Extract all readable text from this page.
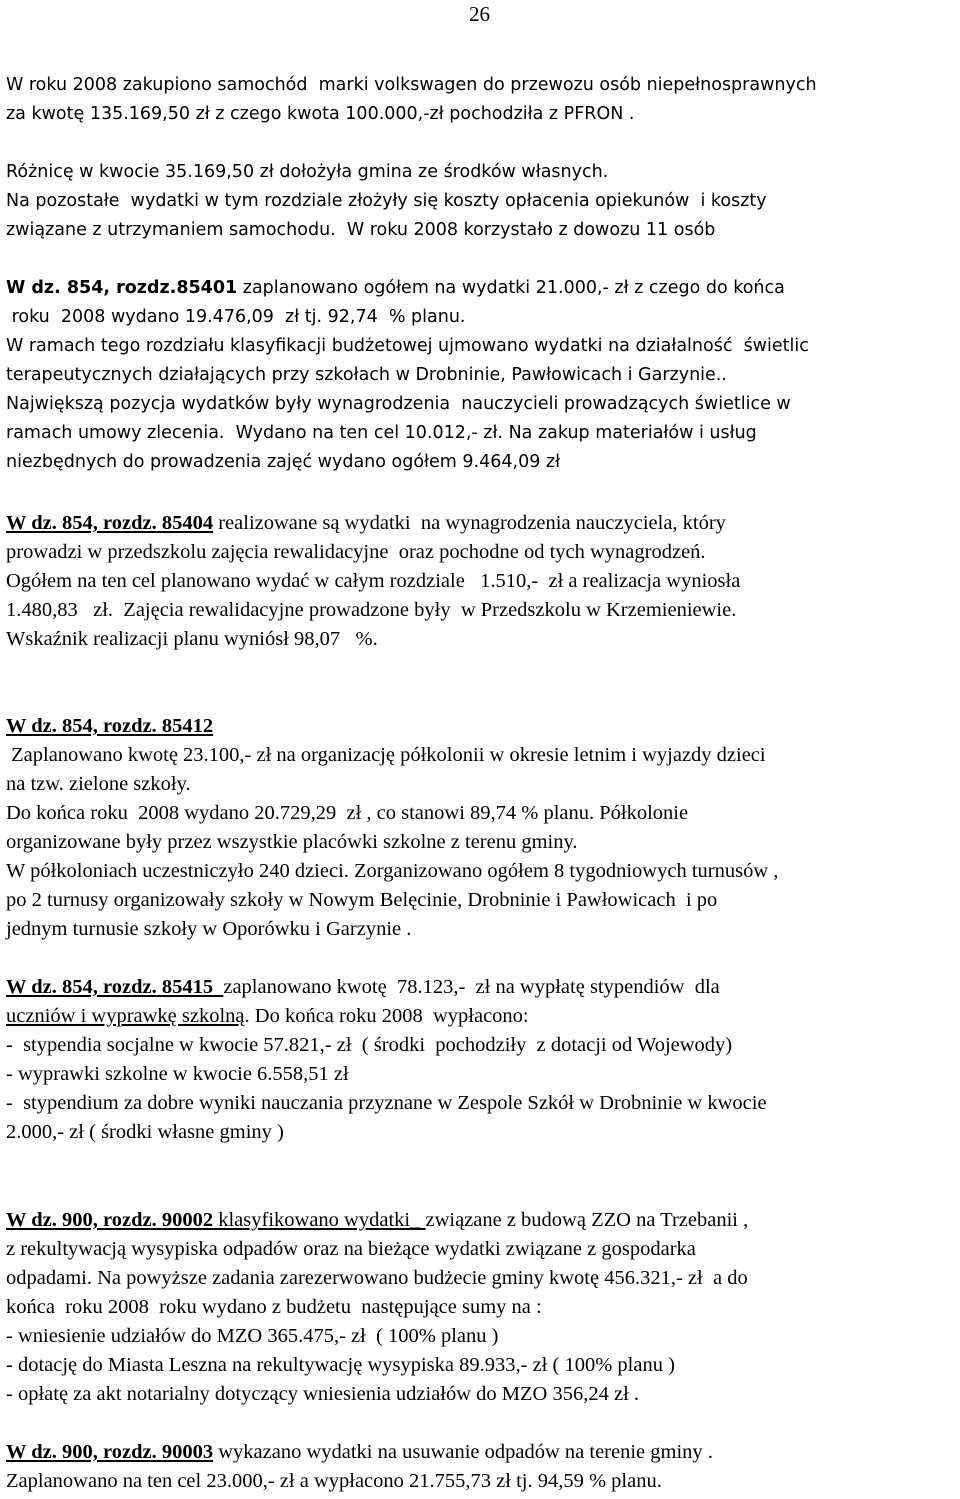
26
W roku 2008 zakupiono samochód  marki volkswagen do przewozu osób niepełnosprawnych
za kwotę 135.169,50 zł z czego kwota 100.000,-zł pochodziła z PFRON .
Różnicę w kwocie 35.169,50 zł dołożyła gmina ze środków własnych.
Na pozostałe  wydatki w tym rozdziale złożyły się koszty opłacenia opiekunów  i koszty
związane z utrzymaniem samochodu.  W roku 2008 korzystało z dowozu 11 osób
W dz. 854, rozdz.85401 zaplanowano ogółem na wydatki 21.000,- zł z czego do końca
roku  2008 wydano 19.476,09  zł tj. 92,74  % planu.
W ramach tego rozdziału klasyfikacji budżetowej ujmowano wydatki na działalność  świetlic
terapeutycznych działających przy szkołach w Drobninie, Pawłowicach i Garzynie..
Największą pozycja wydatków były wynagrodzenia  nauczycieli prowadzących świetlice w
ramach umowy zlecenia.  Wydano na ten cel 10.012,- zł. Na zakup materiałów i usług
niezbędnych do prowadzenia zajęć wydano ogółem 9.464,09 zł
W dz. 854, rozdz. 85404 realizowane są wydatki  na wynagrodzenia nauczyciela, który
prowadzi w przedszkolu zajęcia rewalidacyjne  oraz pochodne od tych wynagrodzeń.
Ogółem na ten cel planowano wydać w całym rozdziale   1.510,-  zł a realizacja wyniosła
1.480,83   zł.  Zajęcia rewalidacyjne prowadzone były  w Przedszkolu w Krzemieniewie.
Wskaźnik realizacji planu wyniósł 98,07   %.
W dz. 854, rozdz. 85412
Zaplanowano kwotę 23.100,- zł na organizację półkolonii w okresie letnim i wyjazdy dzieci
na tzw. zielone szkoły.
Do końca roku  2008 wydano 20.729,29  zł , co stanowi 89,74 % planu. Półkolonie
organizowane były przez wszystkie placówki szkolne z terenu gminy.
W półkoloniach uczestniczyło 240 dzieci. Zorganizowano ogółem 8 tygodniowych turnusów ,
po 2 turnusy organizowały szkoły w Nowym Belęcinie, Drobninie i Pawłowicach  i po
jednym turnusie szkoły w Oporówku i Garzynie .
W dz. 854, rozdz. 85415 zaplanowano kwotę  78.123,-  zł na wypłatę stypendiów  dla
uczniów i wyprawkę szkolną. Do końca roku 2008  wypłacono:
-  stypendia socjalne w kwocie 57.821,- zł  ( środki  pochodziły  z dotacji od Wojewody)
- wyprawki szkolne w kwocie 6.558,51 zł
-  stypendium za dobre wyniki nauczania przyznane w Zespole Szkół w Drobninie w kwocie
2.000,- zł ( środki własne gminy )
W dz. 900, rozdz. 90002 klasyfikowano wydatki_ związane z budową ZZO na Trzebanii ,
z rekultywacją wysypiska odpadów oraz na bieżące wydatki związane z gospodarka
odpadami. Na powyższe zadania zarezerwowano budżecie gminy kwotę 456.321,- zł  a do
końca  roku 2008  roku wydano z budżetu  następujące sumy na :
- wniesienie udziałów do MZO 365.475,- zł  ( 100% planu )
- dotację do Miasta Leszna na rekultywację wysypiska 89.933,- zł ( 100% planu )
- opłatę za akt notarialny dotyczący wniesienia udziałów do MZO 356,24 zł .
W dz. 900, rozdz. 90003 wykazano wydatki na usuwanie odpadów na terenie gminy .
Zaplanowano na ten cel 23.000,- zł a wypłacono 21.755,73 zł tj. 94,59 % planu.
